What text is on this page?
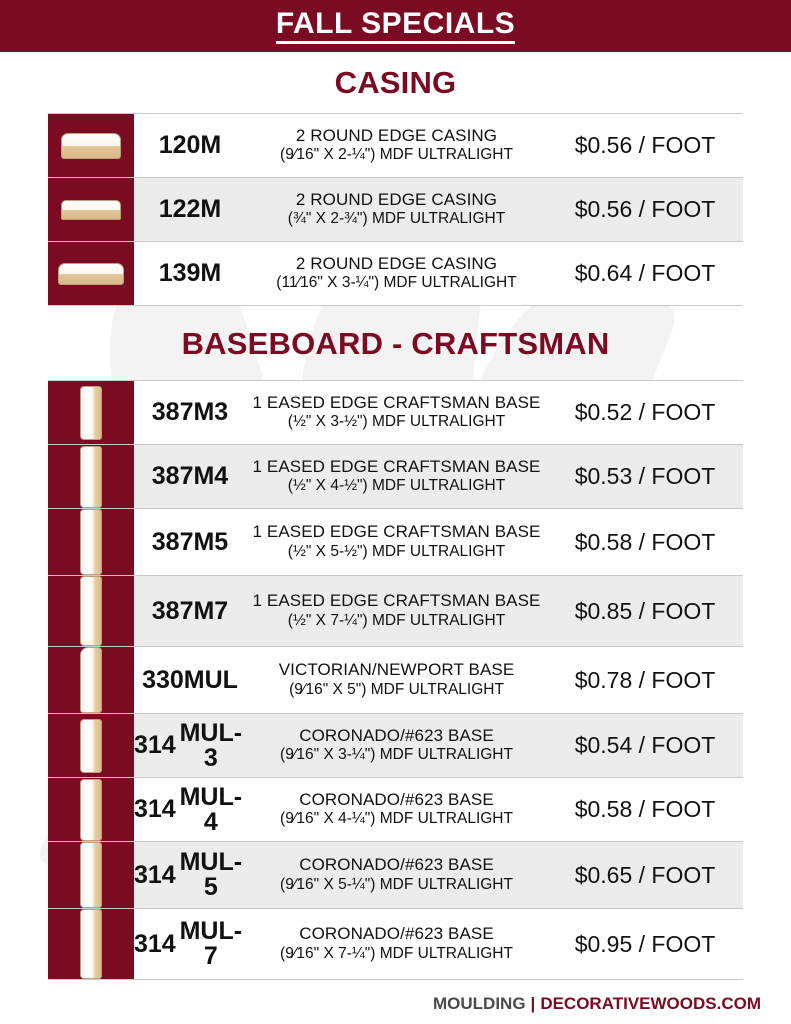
FALL SPECIALS
CASING
120M	2 ROUND EDGE CASING
(9⁄16" X 2-¼") MDF ULTRALIGHT	$0.56 / FOOT
122M	2 ROUND EDGE CASING
(¾" X 2-¾") MDF ULTRALIGHT	$0.56 / FOOT
139M	2 ROUND EDGE CASING
(11⁄16" X 3-¼") MDF ULTRALIGHT	$0.64 / FOOT
BASEBOARD - CRAFTSMAN
387M3	1 EASED EDGE CRAFTSMAN BASE
(½" X 3-½") MDF ULTRALIGHT	$0.52 / FOOT
387M4	1 EASED EDGE CRAFTSMAN BASE
(½" X 4-½") MDF ULTRALIGHT	$0.53 / FOOT
387M5	1 EASED EDGE CRAFTSMAN BASE
(½" X 5-½") MDF ULTRALIGHT	$0.58 / FOOT
387M7	1 EASED EDGE CRAFTSMAN BASE
(½" X 7-¼") MDF ULTRALIGHT	$0.85 / FOOT
330 MUL VICTORIAN/NEWPORT BASE
(9⁄16" X 5") MDF ULTRALIGHT	$0.78 / FOOT
314 MUL-3
CORONADO/#623 BASE
(9⁄16" X 3-¼") MDF ULTRALIGHT	$0.54 / FOOT
314 MUL-4
CORONADO/#623 BASE
(9⁄16" X 4-¼") MDF ULTRALIGHT	$0.58 / FOOT
314 MUL-5
CORONADO/#623 BASE
(9⁄16" X 5-¼") MDF ULTRALIGHT	$0.65 / FOOT
314 MUL-7
CORONADO/#623 BASE
(9⁄16" X 7-¼") MDF ULTRALIGHT	$0.95 / FOOT
MOULDING | DECORATIVEWOODS.COM
